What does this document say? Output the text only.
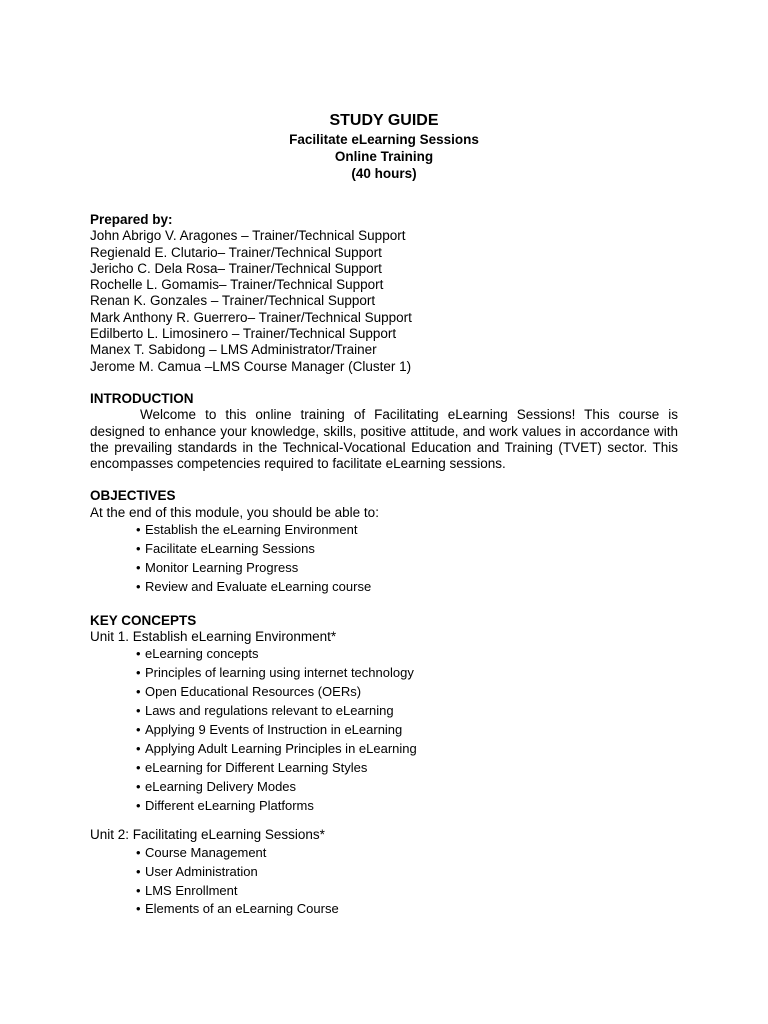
STUDY GUIDE

Facilitate eLearning Sessions

Online Training

(40 hours)

Prepared by:

John Abrigo V. Aragones – Trainer/Technical Support

Regienald E. Clutario– Trainer/Technical Support

Jericho C. Dela Rosa– Trainer/Technical Support

Rochelle L. Gomamis– Trainer/Technical Support

Renan K. Gonzales – Trainer/Technical Support

Mark Anthony R. Guerrero– Trainer/Technical Support

Edilberto L. Limosinero – Trainer/Technical Support

Manex T. Sabidong – LMS Administrator/Trainer

Jerome M. Camua –LMS Course Manager (Cluster 1)

INTRODUCTION

Welcome to this online training of Facilitating eLearning Sessions! This course is designed to enhance your knowledge, skills, positive attitude, and work values in accordance with the prevailing standards in the Technical-Vocational Education and Training (TVET) sector. This encompasses competencies required to facilitate eLearning sessions.

OBJECTIVES

At the end of this module, you should be able to:

• Establish the eLearning Environment
• Facilitate eLearning Sessions
• Monitor Learning Progress
• Review and Evaluate eLearning course

KEY CONCEPTS

Unit 1. Establish eLearning Environment*

• eLearning concepts
• Principles of learning using internet technology
• Open Educational Resources (OERs)
• Laws and regulations relevant to eLearning
• Applying 9 Events of Instruction in eLearning
• Applying Adult Learning Principles in eLearning
• eLearning for Different Learning Styles
• eLearning Delivery Modes
• Different eLearning Platforms

Unit 2: Facilitating eLearning Sessions*

• Course Management
• User Administration
• LMS Enrollment
• Elements of an eLearning Course
